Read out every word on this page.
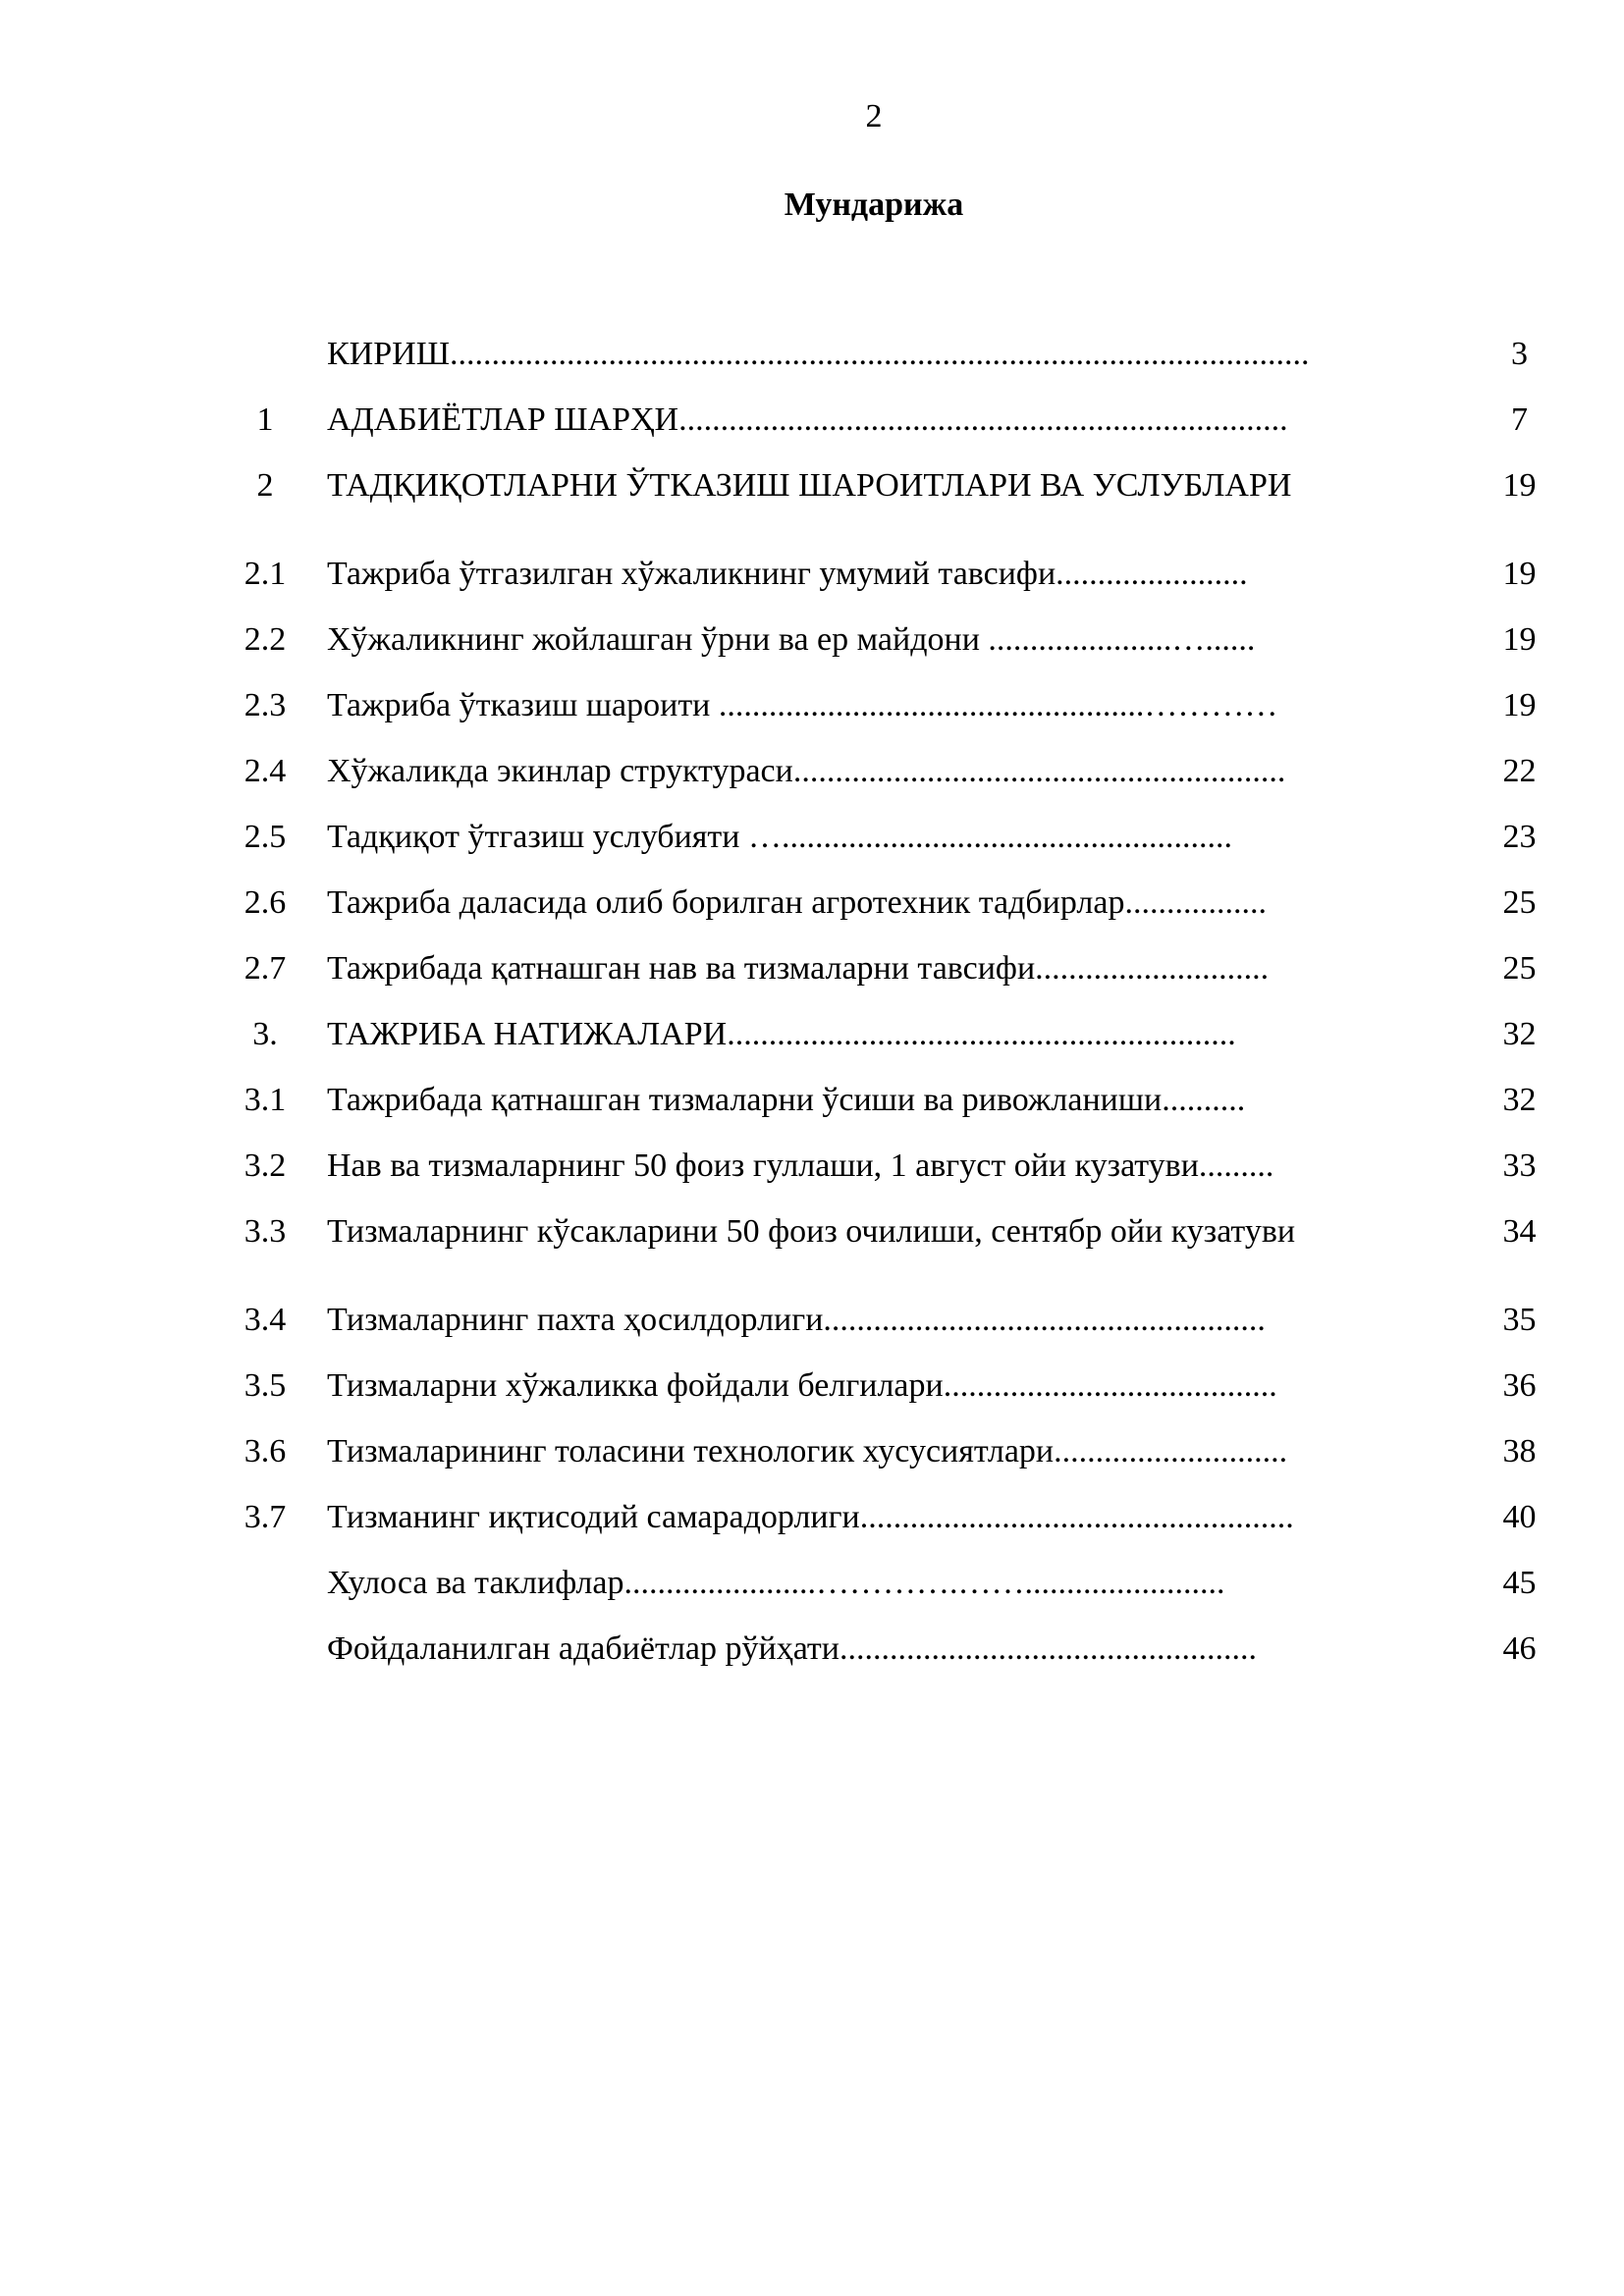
2
Мундарижа
КИРИШ.......................................................................................................	3
1	АДАБИЁТЛАР ШАРҲИ.........................................................................	7
2	ТАДҚИҚОТЛАРНИ ЎТКАЗИШ ШАРОИТЛАРИ ВА УСЛУБЛАРИ	19
2.1	Тажриба ўтгазилган хўжаликнинг умумий тавсифи.......................	19
2.2	Хўжаликнинг жойлашган ўрни ва ер майдони ......................…......	19
2.3	Тажриба ўтказиш шароити ...................................................…………	19
2.4	Хўжаликда экинлар структураси...........................................................	22
2.5	Тадқиқот ўтгазиш услубияти …......................................................	23
2.6	Тажриба даласида олиб борилган агротехник тадбирлар.................	25
2.7	Тажрибада қатнашган нав ва тизмаларни тавсифи............................	25
3.	ТАЖРИБА НАТИЖАЛАРИ.............................................................	32
3.1	Тажрибада қатнашган тизмаларни ўсиши ва ривожланиши..........	32
3.2	Нав ва тизмаларнинг 50 фоиз гуллаши, 1 август ойи кузатуви.........	33
3.3	Тизмаларнинг кўсакларини 50 фоиз очилиши, сентябр ойи кузатуви	34
3.4	Тизмаларнинг пахта ҳосилдорлиги.....................................................	35
3.5	Тизмаларни хўжаликка фойдали белгилари........................................	36
3.6	Тизмаларининг толасини технологик хусусиятлари............................	38
3.7	Тизманинг иқтисодий самарадорлиги....................................................	40
Хулоса ва таклифлар.......................………….……........................	45
Фойдаланилган адабиётлар рўйҳати..................................................	46
